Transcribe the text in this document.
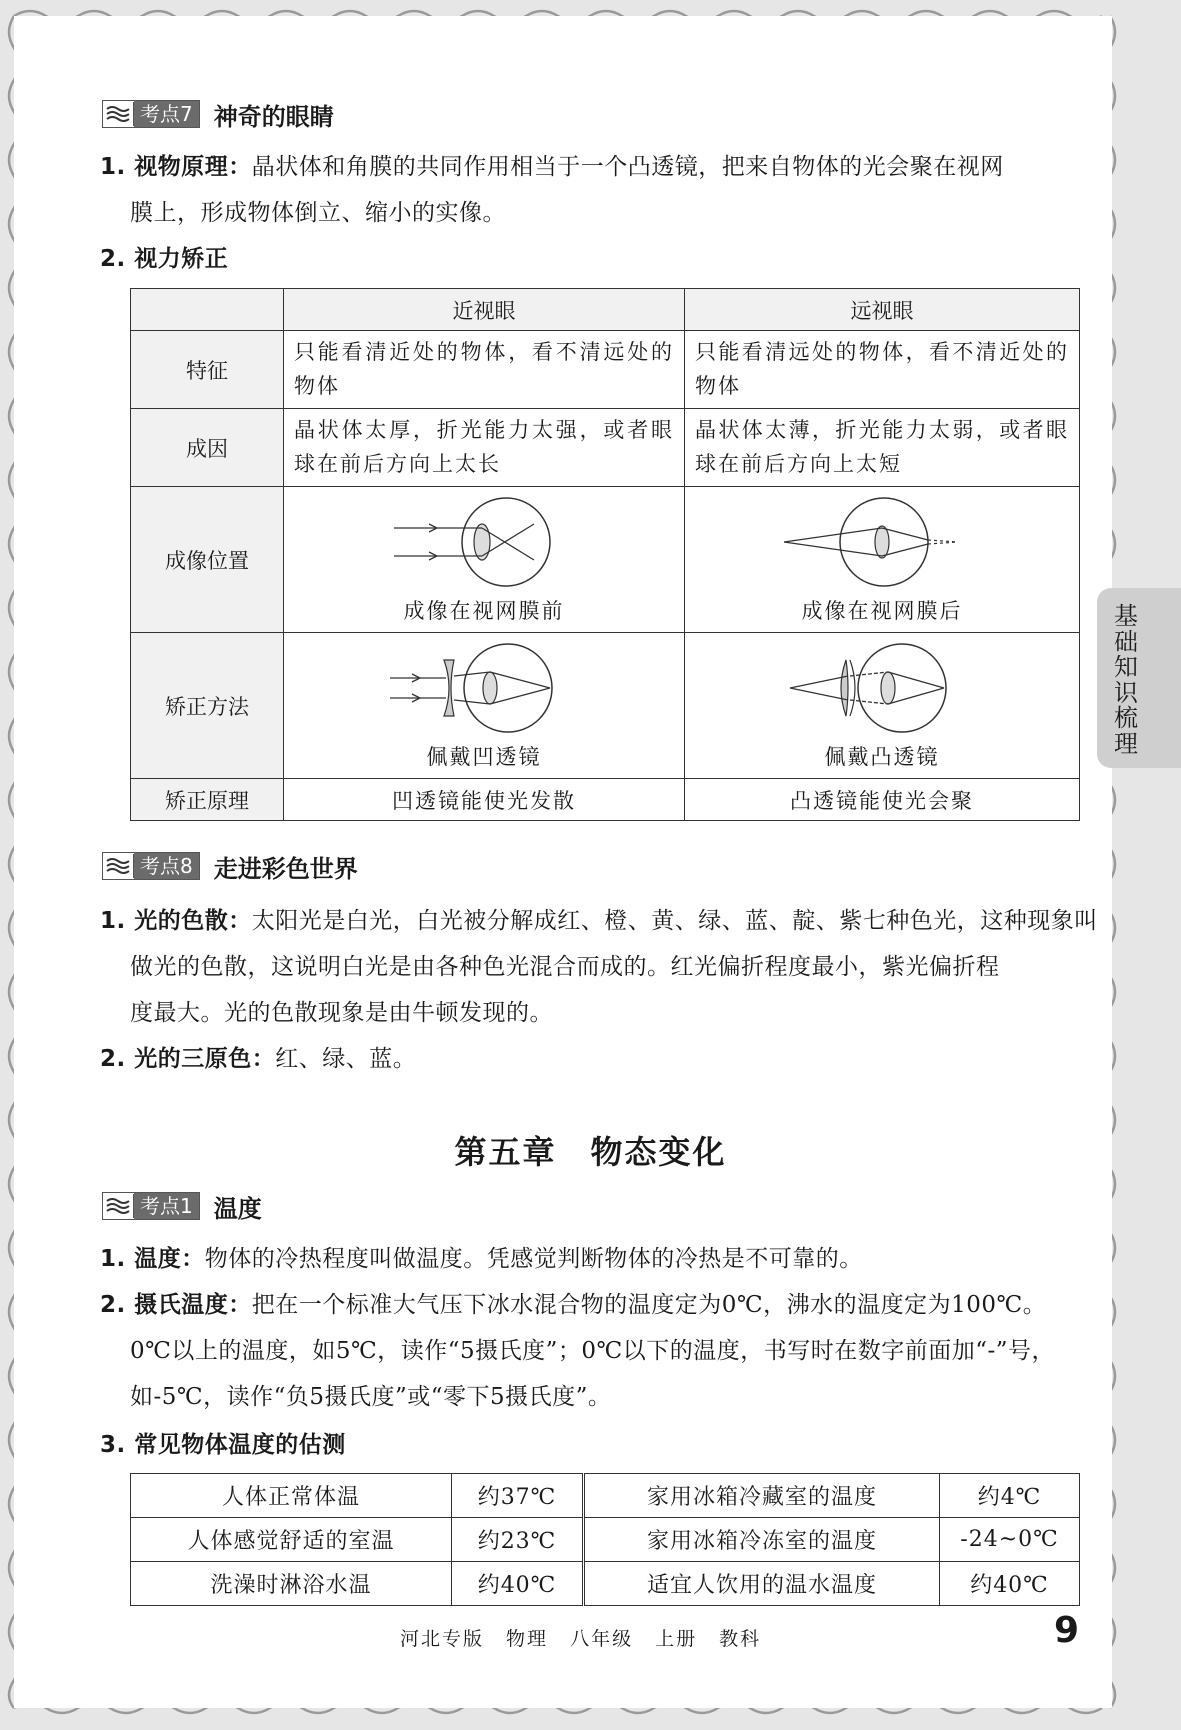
考点7 神奇的眼睛
1. 视物原理：晶状体和角膜的共同作用相当于一个凸透镜，把来自物体的光会聚在视网
膜上，形成物体倒立、缩小的实像。
2. 视力矫正
	近视眼	远视眼
特征	只能看清近处的物体，看不清远处的物体	只能看清远处的物体，看不清近处的物体
成因	晶状体太厚，折光能力太强，或者眼球在前后方向上太长	晶状体太薄，折光能力太弱，或者眼球在前后方向上太短
成像位置	成像在视网膜前	成像在视网膜后

矫正方法	佩戴凹透镜	佩戴凸透镜

矫正原理	凹透镜能使光发散	凸透镜能使光会聚
考点8 走进彩色世界
1. 光的色散：太阳光是白光，白光被分解成红、橙、黄、绿、蓝、靛、紫七种色光，这种现象叫
做光的色散，这说明白光是由各种色光混合而成的。红光偏折程度最小，紫光偏折程
度最大。光的色散现象是由牛顿发现的。
2. 光的三原色：红、绿、蓝。
第五章　物态变化
考点1 温度
1. 温度：物体的冷热程度叫做温度。凭感觉判断物体的冷热是不可靠的。
2. 摄氏温度：把在一个标准大气压下冰水混合物的温度定为0℃，沸水的温度定为100℃。
0℃以上的温度，如5℃，读作“5摄氏度”；0℃以下的温度，书写时在数字前面加“-”号，
如-5℃，读作“负5摄氏度”或“零下5摄氏度”。
3. 常见物体温度的估测
人体正常体温	约37℃	家用冰箱冷藏室的温度	约4℃
人体感觉舒适的室温	约23℃	家用冰箱冷冻室的温度	-24~0℃
洗澡时淋浴水温	约40℃	适宜人饮用的温水温度	约40℃
基础知识梳理
河北专版 物理 八年级 上册 教科	9
